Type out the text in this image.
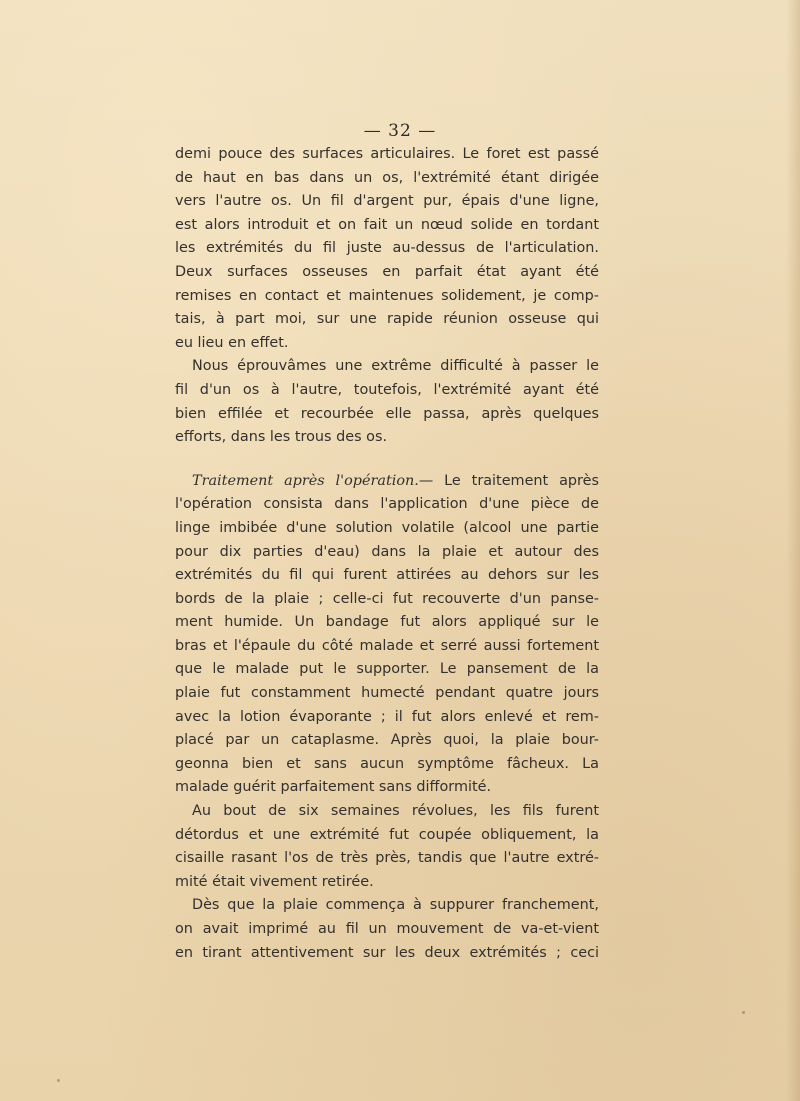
— 32 —
demi pouce des surfaces articulaires. Le foret est passé
de haut en bas dans un os, l'extrémité étant dirigée
vers l'autre os. Un fil d'argent pur, épais d'une ligne,
est alors introduit et on fait un nœud solide en tordant
les extrémités du fil juste au-dessus de l'articulation.
Deux surfaces osseuses en parfait état ayant été
remises en contact et maintenues solidement, je comp-
tais, à part moi, sur une rapide réunion osseuse qui
eu lieu en effet.
Nous éprouvâmes une extrême difficulté à passer le
fil d'un os à l'autre, toutefois, l'extrémité ayant été
bien effilée et recourbée elle passa, après quelques
efforts, dans les trous des os.
Traitement après l'opération.— Le traitement après
l'opération consista dans l'application d'une pièce de
linge imbibée d'une solution volatile (alcool une partie
pour dix parties d'eau) dans la plaie et autour des
extrémités du fil qui furent attirées au dehors sur les
bords de la plaie ; celle-ci fut recouverte d'un panse-
ment humide. Un bandage fut alors appliqué sur le
bras et l'épaule du côté malade et serré aussi fortement
que le malade put le supporter. Le pansement de la
plaie fut constamment humecté pendant quatre jours
avec la lotion évaporante ; il fut alors enlevé et rem-
placé par un cataplasme. Après quoi, la plaie bour-
geonna bien et sans aucun symptôme fâcheux. La
malade guérit parfaitement sans difformité.
Au bout de six semaines révolues, les fils furent
détordus et une extrémité fut coupée obliquement, la
cisaille rasant l'os de très près, tandis que l'autre extré-
mité était vivement retirée.
Dès que la plaie commença à suppurer franchement,
on avait imprimé au fil un mouvement de va-et-vient
en tirant attentivement sur les deux extrémités ; ceci
